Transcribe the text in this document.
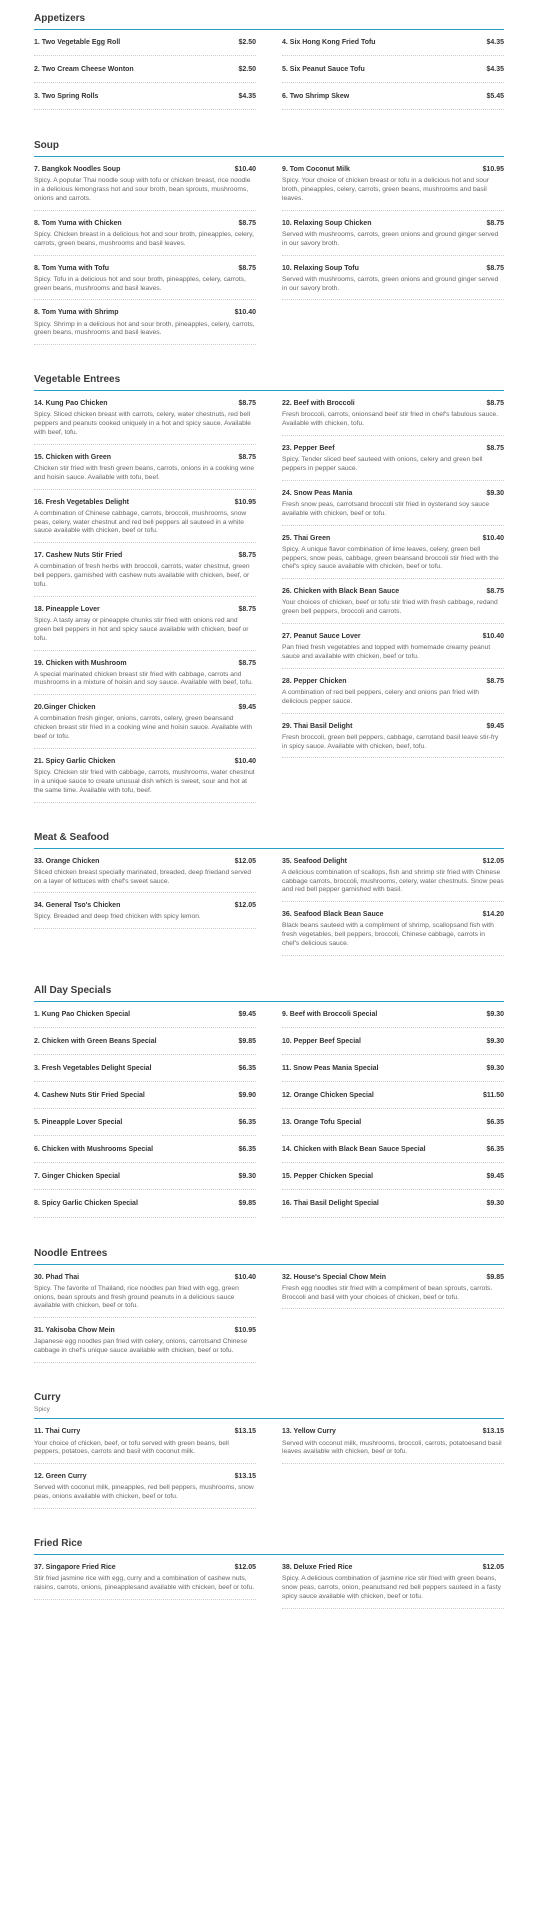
Appetizers
1. Two Vegetable Egg Roll	$2.50
2. Two Cream Cheese Wonton	$2.50
3. Two Spring Rolls	$4.35
4. Six Hong Kong Fried Tofu	$4.35
5. Six Peanut Sauce Tofu	$4.35
6. Two Shrimp Skew	$5.45
Soup
7. Bangkok Noodles Soup	$10.40
Spicy. A popular Thai noodle soup with tofu or chicken breast, rice noodle in a delicious lemongrass hot and sour broth, bean sprouts, mushrooms, onions and carrots.
8. Tom Yuma with Chicken	$8.75
Spicy. Chicken breast in a delicious hot and sour broth, pineapples, celery, carrots, green beans, mushrooms and basil leaves.
8. Tom Yuma with Tofu	$8.75
Spicy. Tofu in a delicious hot and sour broth, pineapples, celery, carrots, green beans, mushrooms and basil leaves.
8. Tom Yuma with Shrimp	$10.40
Spicy. Shrimp in a delicious hot and sour broth, pineapples, celery, carrots, green beans, mushrooms and basil leaves.
9. Tom Coconut Milk	$10.95
Spicy. Your choice of chicken breast or tofu in a delicious hot and sour broth, pineapples, celery, carrots, green beans, mushrooms and basil leaves.
10. Relaxing Soup Chicken	$8.75
Served with mushrooms, carrots, green onions and ground ginger served in our savory broth.
10. Relaxing Soup Tofu	$8.75
Served with mushrooms, carrots, green onions and ground ginger served in our savory broth.
Vegetable Entrees
14. Kung Pao Chicken	$8.75
Spicy. Sliced chicken breast with carrots, celery, water chestnuts, red bell peppers and peanuts cooked uniquely in a hot and spicy sauce. Available with beef, tofu.
15. Chicken with Green	$8.75
Chicken stir fried with fresh green beans, carrots, onions in a cooking wine and hoisin sauce. Available with tofu, beef.
16. Fresh Vegetables Delight	$10.95
A combination of Chinese cabbage, carrots, broccoli, mushrooms, snow peas, celery, water chestnut and red bell peppers all sauteed in a white sauce available with chicken, beef or tofu.
17. Cashew Nuts Stir Fried	$8.75
A combination of fresh herbs with broccoli, carrots, water chestnut, green bell peppers, garnished with cashew nuts available with chicken, beef, or tofu.
18. Pineapple Lover	$8.75
Spicy. A tasty array or pineapple chunks stir fried with onions red and green bell peppers in hot and spicy sauce available with chicken, beef or tofu.
19. Chicken with Mushroom	$8.75
A special marinated chicken breast stir fried with cabbage, carrots and mushrooms in a mixture of hoisin and soy sauce. Available with beef, tofu.
20.Ginger Chicken	$9.45
A combination fresh ginger, onions, carrots, celery, green beansand chicken breast stir fried in a cooking wine and hoisin sauce. Available with beef or tofu.
21. Spicy Garlic Chicken	$10.40
Spicy. Chicken stir fried with cabbage, carrots, mushrooms, water chestnut in a unique sauce to create unusual dish which is sweet, sour and hot at the same time. Available with tofu, beef.
22. Beef with Broccoli	$8.75
Fresh broccoli, carrots, onionsand beef stir fried in chef's fabulous sauce. Available with chicken, tofu.
23. Pepper Beef	$8.75
Spicy. Tender sliced beef sauteed with onions, celery and green bell peppers in pepper sauce.
24. Snow Peas Mania	$9.30
Fresh snow peas, carrotsand broccoli stir fried in oysterand soy sauce available with chicken, beef or tofu.
25. Thai Green	$10.40
Spicy. A unique flavor combination of lime leaves, celery, green bell peppers, snow peas, cabbage, green beansand broccoli stir fried with the chef's spicy sauce available with chicken, beef or tofu.
26. Chicken with Black Bean Sauce	$8.75
Your choices of chicken, beef or tofu stir fried with fresh cabbage, redand green bell peppers, broccoli and carrots.
27. Peanut Sauce Lover	$10.40
Pan fried fresh vegetables and topped with homemade creamy peanut sauce and available with chicken, beef or tofu.
28. Pepper Chicken	$8.75
A combination of red bell peppers, celery and onions pan fried with delicious pepper sauce.
29. Thai Basil Delight	$9.45
Fresh broccoli, green bell peppers, cabbage, carrotand basil leave stir-fry in spicy sauce. Available with chicken, beef, tofu.
Meat & Seafood
33. Orange Chicken	$12.05
Sliced chicken breast specially marinated, breaded, deep friedand served on a layer of lettuces with chef's sweet sauce.
34. General Tso's Chicken	$12.05
Spicy. Breaded and deep fried chicken with spicy lemon.
35. Seafood Delight	$12.05
A delicious combination of scallops, fish and shrimp stir fried with Chinese cabbage carrots, broccoli, mushrooms, celery, water chestnuts. Snow peas and red bell pepper garnished with basil.
36. Seafood Black Bean Sauce	$14.20
Black beans sauteed with a compliment of shrimp, scallopsand fish with fresh vegetables, bell peppers, broccoli, Chinese cabbage, carrots in chef's delicious sauce.
All Day Specials
1. Kung Pao Chicken Special	$9.45
2. Chicken with Green Beans Special	$9.85
3. Fresh Vegetables Delight Special	$6.35
4. Cashew Nuts Stir Fried Special	$9.90
5. Pineapple Lover Special	$6.35
6. Chicken with Mushrooms Special	$6.35
7. Ginger Chicken Special	$9.30
8. Spicy Garlic Chicken Special	$9.85
9. Beef with Broccoli Special	$9.30
10. Pepper Beef Special	$9.30
11. Snow Peas Mania Special	$9.30
12. Orange Chicken Special	$11.50
13. Orange Tofu Special	$6.35
14. Chicken with Black Bean Sauce Special	$6.35
15. Pepper Chicken Special	$9.45
16. Thai Basil Delight Special	$9.30
Noodle Entrees
30. Phad Thai	$10.40
Spicy. The favorite of Thailand, rice noodles pan fried with egg, green onions, bean sprouts and fresh ground peanuts in a delicious sauce available with chicken, beef or tofu.
31. Yakisoba Chow Mein	$10.95
Japanese egg noodles pan fried with celery, onions, carrotsand Chinese cabbage in chef's unique sauce available with chicken, beef or tofu.
32. House's Special Chow Mein	$9.85
Fresh egg noodles stir fried with a compliment of bean sprouts, carrots. Broccoli and basil with your choices of chicken, beef or tofu.
Curry
Spicy
11. Thai Curry	$13.15
Your choice of chicken, beef, or tofu served with green beans, bell peppers, potatoes, carrots and basil with coconut milk.
12. Green Curry	$13.15
Served with coconut milk, pineapples, red bell peppers, mushrooms, snow peas, onions available with chicken, beef or tofu.
13. Yellow Curry	$13.15
Served with coconut milk, mushrooms, broccoli, carrots, potatoesand basil leaves available with chicken, beef or tofu.
Fried Rice
37. Singapore Fried Rice	$12.05
Stir fried jasmine rice with egg, curry and a combination of cashew nuts, raisins, carrots, onions, pineapplesand available with chicken, beef or tofu.
38. Deluxe Fried Rice	$12.05
Spicy. A delicious combination of jasmine rice stir fried with green beans, snow peas, carrots, onion, peanutsand red bell peppers sauteed in a fasty spicy sauce available with chicken, beef or tofu.
